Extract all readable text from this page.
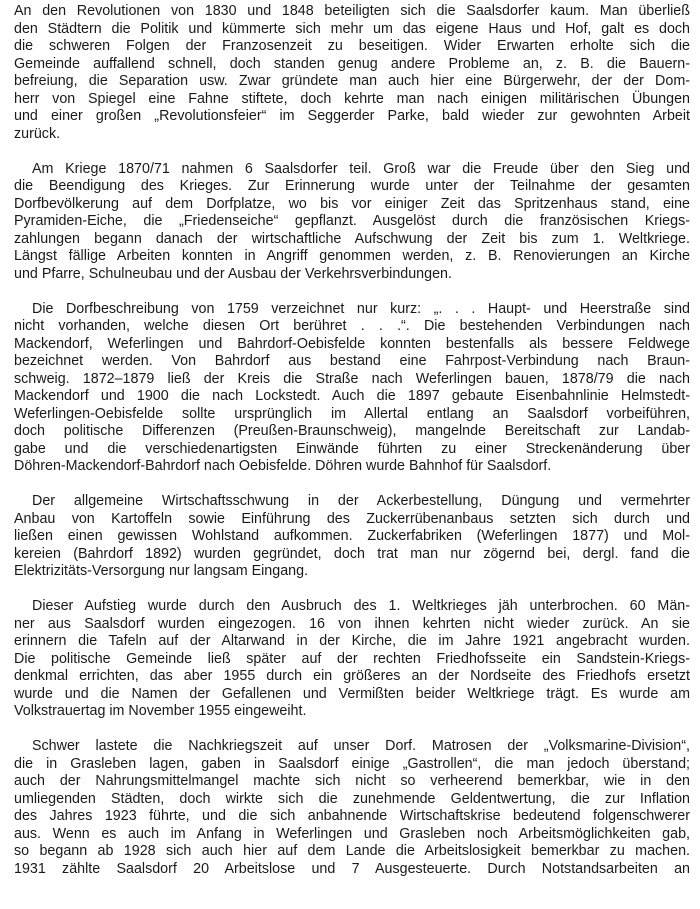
An den Revolutionen von 1830 und 1848 beteiligten sich die Saalsdorfer kaum. Man überließ
den Städtern die Politik und kümmerte sich mehr um das eigene Haus und Hof, galt es doch
die schweren Folgen der Franzosenzeit zu beseitigen. Wider Erwarten erholte sich die
Gemeinde auffallend schnell, doch standen genug andere Probleme an, z. B. die Bauern-
befreiung, die Separation usw. Zwar gründete man auch hier eine Bürgerwehr, der der Dom-
herr von Spiegel eine Fahne stiftete, doch kehrte man nach einigen militärischen Übungen
und einer großen „Revolutionsfeier“ im Seggerder Parke, bald wieder zur gewohnten Arbeit
zurück.

Am Kriege 1870/71 nahmen 6 Saalsdorfer teil. Groß war die Freude über den Sieg und
die Beendigung des Krieges. Zur Erinnerung wurde unter der Teilnahme der gesamten
Dorfbevölkerung auf dem Dorfplatze, wo bis vor einiger Zeit das Spritzenhaus stand, eine
Pyramiden-Eiche, die „Friedenseiche“ gepflanzt. Ausgelöst durch die französischen Kriegs-
zahlungen begann danach der wirtschaftliche Aufschwung der Zeit bis zum 1. Weltkriege.
Längst fällige Arbeiten konnten in Angriff genommen werden, z. B. Renovierungen an Kirche
und Pfarre, Schulneubau und der Ausbau der Verkehrsverbindungen.

Die Dorfbeschreibung von 1759 verzeichnet nur kurz: „. . . Haupt- und Heerstraße sind
nicht vorhanden, welche diesen Ort berühret . . .“. Die bestehenden Verbindungen nach
Mackendorf, Weferlingen und Bahrdorf-Oebisfelde konnten bestenfalls als bessere Feldwege
bezeichnet werden. Von Bahrdorf aus bestand eine Fahrpost-Verbindung nach Braun-
schweig. 1872–1879 ließ der Kreis die Straße nach Weferlingen bauen, 1878/79 die nach
Mackendorf und 1900 die nach Lockstedt. Auch die 1897 gebaute Eisenbahnlinie Helmstedt-
Weferlingen-Oebisfelde sollte ursprünglich im Allertal entlang an Saalsdorf vorbeiführen,
doch politische Differenzen (Preußen-Braunschweig), mangelnde Bereitschaft zur Landab-
gabe und die verschiedenartigsten Einwände führten zu einer Streckenänderung über
Döhren-Mackendorf-Bahrdorf nach Oebisfelde. Döhren wurde Bahnhof für Saalsdorf.

Der allgemeine Wirtschaftsschwung in der Ackerbestellung, Düngung und vermehrter
Anbau von Kartoffeln sowie Einführung des Zuckerrübenanbaus setzten sich durch und
ließen einen gewissen Wohlstand aufkommen. Zuckerfabriken (Weferlingen 1877) und Mol-
kereien (Bahrdorf 1892) wurden gegründet, doch trat man nur zögernd bei, dergl. fand die
Elektrizitäts-Versorgung nur langsam Eingang.

Dieser Aufstieg wurde durch den Ausbruch des 1. Weltkrieges jäh unterbrochen. 60 Män-
ner aus Saalsdorf wurden eingezogen. 16 von ihnen kehrten nicht wieder zurück. An sie
erinnern die Tafeln auf der Altarwand in der Kirche, die im Jahre 1921 angebracht wurden.
Die politische Gemeinde ließ später auf der rechten Friedhofsseite ein Sandstein-Kriegs-
denkmal errichten, das aber 1955 durch ein größeres an der Nordseite des Friedhofs ersetzt
wurde und die Namen der Gefallenen und Vermißten beider Weltkriege trägt. Es wurde am
Volkstrauertag im November 1955 eingeweiht.

Schwer lastete die Nachkriegszeit auf unser Dorf. Matrosen der „Volksmarine-Division“,
die in Grasleben lagen, gaben in Saalsdorf einige „Gastrollen“, die man jedoch überstand;
auch der Nahrungsmittelmangel machte sich nicht so verheerend bemerkbar, wie in den
umliegenden Städten, doch wirkte sich die zunehmende Geldentwertung, die zur Inflation
des Jahres 1923 führte, und die sich anbahnende Wirtschaftskrise bedeutend folgenschwerer
aus. Wenn es auch im Anfang in Weferlingen und Grasleben noch Arbeitsmöglichkeiten gab,
so begann ab 1928 sich auch hier auf dem Lande die Arbeitslosigkeit bemerkbar zu machen.
1931 zählte Saalsdorf 20 Arbeitslose und 7 Ausgesteuerte. Durch Notstandsarbeiten an
